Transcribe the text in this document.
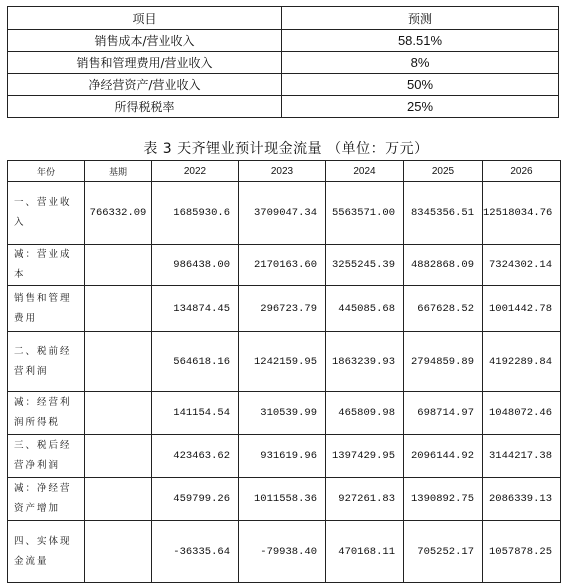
项目	预测
销售成本/营业收入	58.51%
销售和管理费用/营业收入	8%
净经营资产/营业收入	50%
所得税税率	25%
表 3 天齐锂业预计现金流量 （单位：万元）
年份	基期	2022	2023	2024	2025	2026
一、营业收入	766332.09	1685930.6	3709047.34	5563571.00	8345356.51	12518034.76
减：营业成本		986438.00	2170163.60	3255245.39	4882868.09	7324302.14
销售和管理费用		134874.45	296723.79	445085.68	667628.52	1001442.78
二、税前经营利润		564618.16	1242159.95	1863239.93	2794859.89	4192289.84
减：经营利润所得税		141154.54	310539.99	465809.98	698714.97	1048072.46
三、税后经营净利润		423463.62	931619.96	1397429.95	2096144.92	3144217.38
减：净经营资产增加		459799.26	1011558.36	927261.83	1390892.75	2086339.13
四、实体现金流量		-36335.64	-79938.40	470168.11	705252.17	1057878.25
